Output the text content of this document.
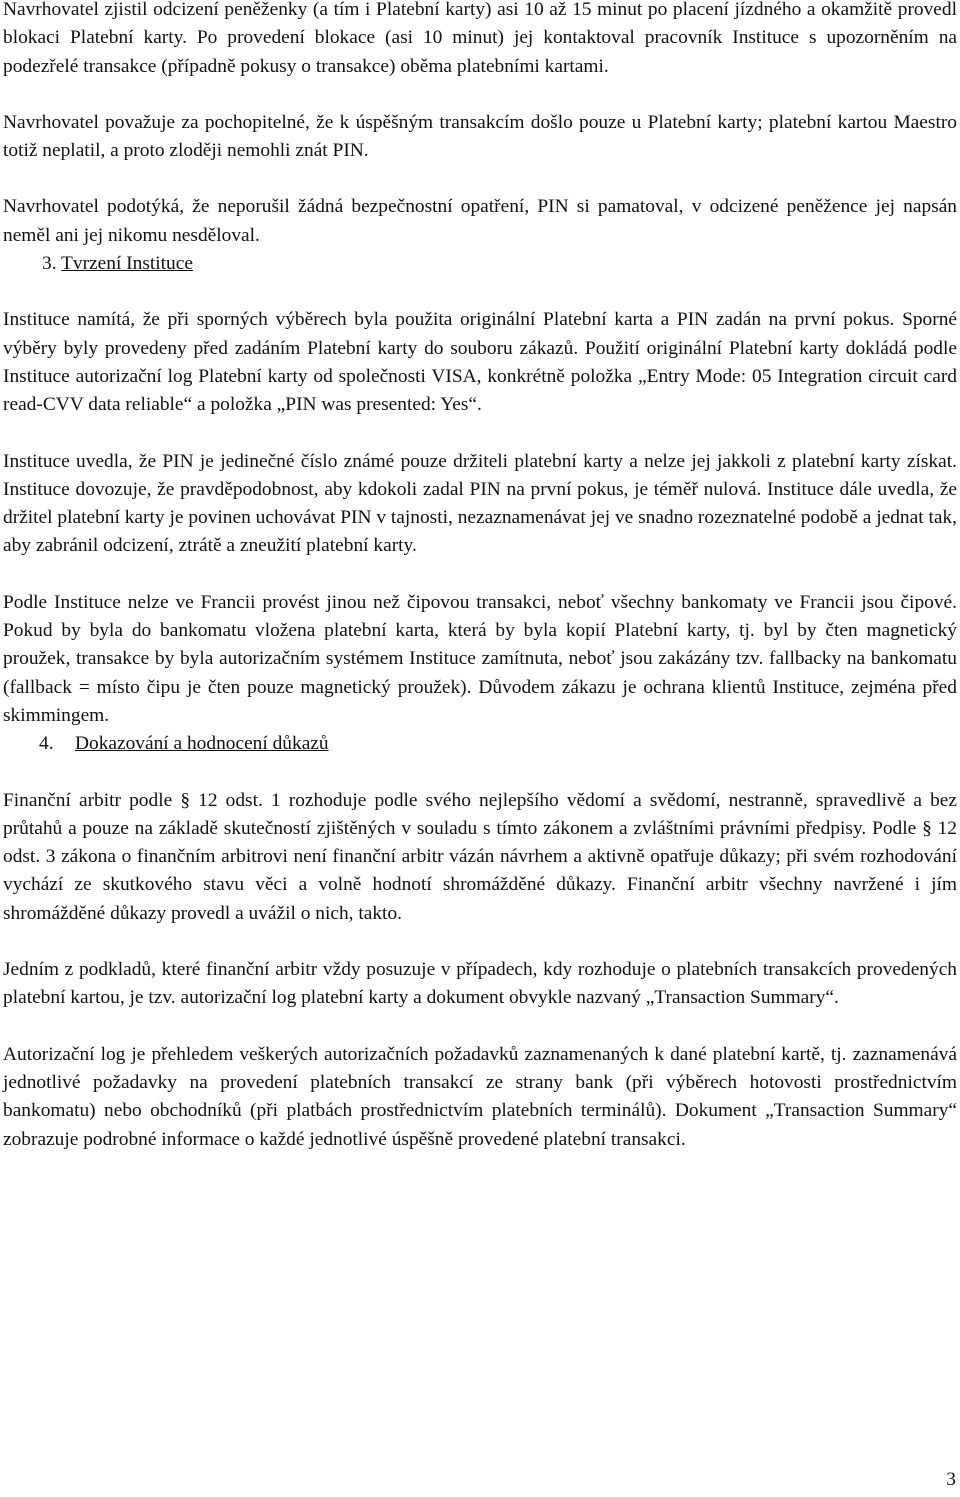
Navrhovatel zjistil odcizení peněženky (a tím i Platební karty) asi 10 až 15 minut po placení jízdného a okamžitě provedl blokaci Platební karty. Po provedení blokace (asi 10 minut) jej kontaktoval pracovník Instituce s upozorněním na podezřelé transakce (případně pokusy o transakce) oběma platebními kartami.

Navrhovatel považuje za pochopitelné, že k úspěšným transakcím došlo pouze u Platební karty; platební kartou Maestro totiž neplatil, a proto zloději nemohli znát PIN.

Navrhovatel podotýká, že neporušil žádná bezpečnostní opatření, PIN si pamatoval, v odcizené peněžence jej napsán neměl ani jej nikomu nesděloval.

3. Tvrzení Instituce

Instituce namítá, že při sporných výběrech byla použita originální Platební karta a PIN zadán na první pokus. Sporné výběry byly provedeny před zadáním Platební karty do souboru zákazů. Použití originální Platební karty dokládá podle Instituce autorizační log Platební karty od společnosti VISA, konkrétně položka „Entry Mode: 05 Integration circuit card read-CVV data reliable“ a položka „PIN was presented: Yes“.

Instituce uvedla, že PIN je jedinečné číslo známé pouze držiteli platební karty a nelze jej jakkoli z platební karty získat. Instituce dovozuje, že pravděpodobnost, aby kdokoli zadal PIN na první pokus, je téměř nulová. Instituce dále uvedla, že držitel platební karty je povinen uchovávat PIN v tajnosti, nezaznamenávat jej ve snadno rozeznatelné podobě a jednat tak, aby zabránil odcizení, ztrátě a zneužití platební karty.

Podle Instituce nelze ve Francii provést jinou než čipovou transakci, neboť všechny bankomaty ve Francii jsou čipové. Pokud by byla do bankomatu vložena platební karta, která by byla kopií Platební karty, tj. byl by čten magnetický proužek, transakce by byla autorizačním systémem Instituce zamítnuta, neboť jsou zakázány tzv. fallbacky na bankomatu (fallback = místo čipu je čten pouze magnetický proužek). Důvodem zákazu je ochrana klientů Instituce, zejména před skimmingem.

4. Dokazování a hodnocení důkazů

Finanční arbitr podle § 12 odst. 1 rozhoduje podle svého nejlepšího vědomí a svědomí, nestranně, spravedlivě a bez průtahů a pouze na základě skutečností zjištěných v souladu s tímto zákonem a zvláštními právními předpisy. Podle § 12 odst. 3 zákona o finančním arbitrovi není finanční arbitr vázán návrhem a aktivně opatřuje důkazy; při svém rozhodování vychází ze skutkového stavu věci a volně hodnotí shromážděné důkazy. Finanční arbitr všechny navržené i jím shromážděné důkazy provedl a uvážil o nich, takto.

Jedním z podkladů, které finanční arbitr vždy posuzuje v případech, kdy rozhoduje o platebních transakcích provedených platební kartou, je tzv. autorizační log platební karty a dokument obvykle nazvaný „Transaction Summary“.

Autorizační log je přehledem veškerých autorizačních požadavků zaznamenaných k dané platební kartě, tj. zaznamenává jednotlivé požadavky na provedení platebních transakcí ze strany bank (při výběrech hotovosti prostřednictvím bankomatu) nebo obchodníků (při platbách prostřednictvím platebních terminálů). Dokument „Transaction Summary“ zobrazuje podrobné informace o každé jednotlivé úspěšně provedené platební transakci.

3
